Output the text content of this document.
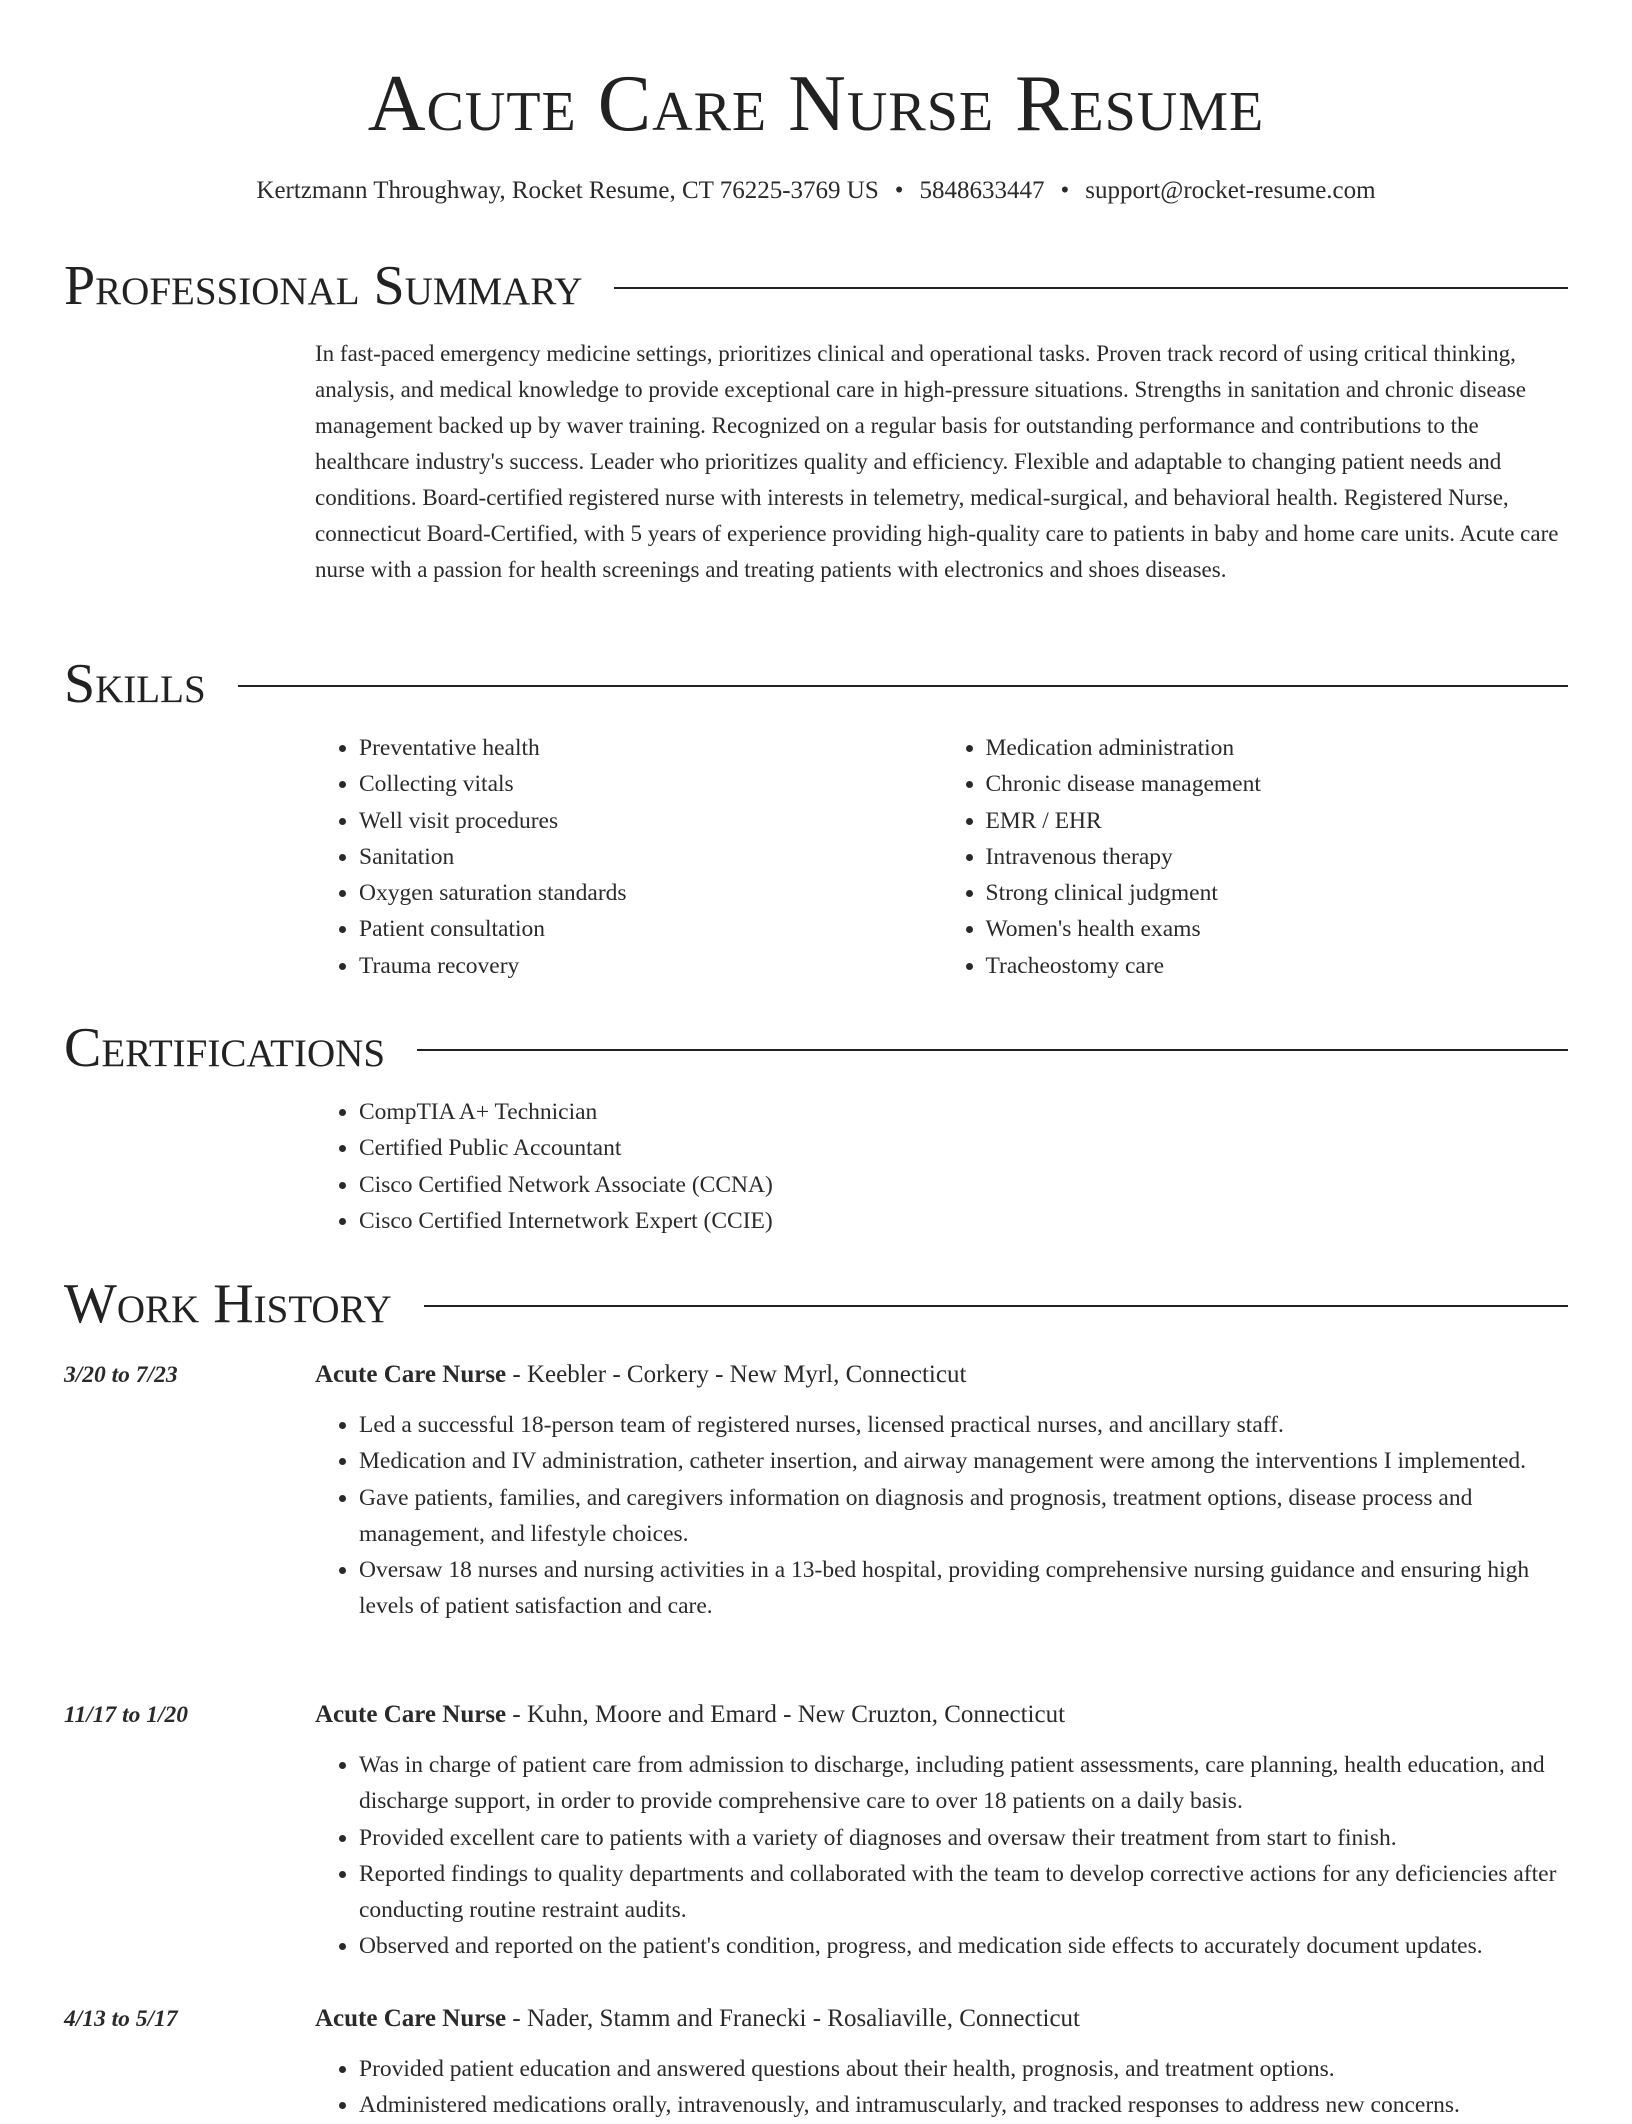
Acute Care Nurse Resume
Kertzmann Throughway, Rocket Resume, CT 76225-3769 US • 5848633447 • support@rocket-resume.com
Professional Summary
In fast-paced emergency medicine settings, prioritizes clinical and operational tasks. Proven track record of using critical thinking, analysis, and medical knowledge to provide exceptional care in high-pressure situations. Strengths in sanitation and chronic disease management backed up by waver training. Recognized on a regular basis for outstanding performance and contributions to the healthcare industry's success. Leader who prioritizes quality and efficiency. Flexible and adaptable to changing patient needs and conditions. Board-certified registered nurse with interests in telemetry, medical-surgical, and behavioral health. Registered Nurse, connecticut Board-Certified, with 5 years of experience providing high-quality care to patients in baby and home care units. Acute care nurse with a passion for health screenings and treating patients with electronics and shoes diseases.
Skills
• Preventative health
• Collecting vitals
• Well visit procedures
• Sanitation
• Oxygen saturation standards
• Patient consultation
• Trauma recovery
• Medication administration
• Chronic disease management
• EMR / EHR
• Intravenous therapy
• Strong clinical judgment
• Women's health exams
• Tracheostomy care
Certifications
• CompTIA A+ Technician
• Certified Public Accountant
• Cisco Certified Network Associate (CCNA)
• Cisco Certified Internetwork Expert (CCIE)
Work History
3/20 to 7/23	Acute Care Nurse - Keebler - Corkery - New Myrl, Connecticut
• Led a successful 18-person team of registered nurses, licensed practical nurses, and ancillary staff.
• Medication and IV administration, catheter insertion, and airway management were among the interventions I implemented.
• Gave patients, families, and caregivers information on diagnosis and prognosis, treatment options, disease process and management, and lifestyle choices.
• Oversaw 18 nurses and nursing activities in a 13-bed hospital, providing comprehensive nursing guidance and ensuring high levels of patient satisfaction and care.
11/17 to 1/20	Acute Care Nurse - Kuhn, Moore and Emard - New Cruzton, Connecticut
• Was in charge of patient care from admission to discharge, including patient assessments, care planning, health education, and discharge support, in order to provide comprehensive care to over 18 patients on a daily basis.
• Provided excellent care to patients with a variety of diagnoses and oversaw their treatment from start to finish.
• Reported findings to quality departments and collaborated with the team to develop corrective actions for any deficiencies after conducting routine restraint audits.
• Observed and reported on the patient's condition, progress, and medication side effects to accurately document updates.
4/13 to 5/17	Acute Care Nurse - Nader, Stamm and Franecki - Rosaliaville, Connecticut
• Provided patient education and answered questions about their health, prognosis, and treatment options.
• Administered medications orally, intravenously, and intramuscularly, and tracked responses to address new concerns.
